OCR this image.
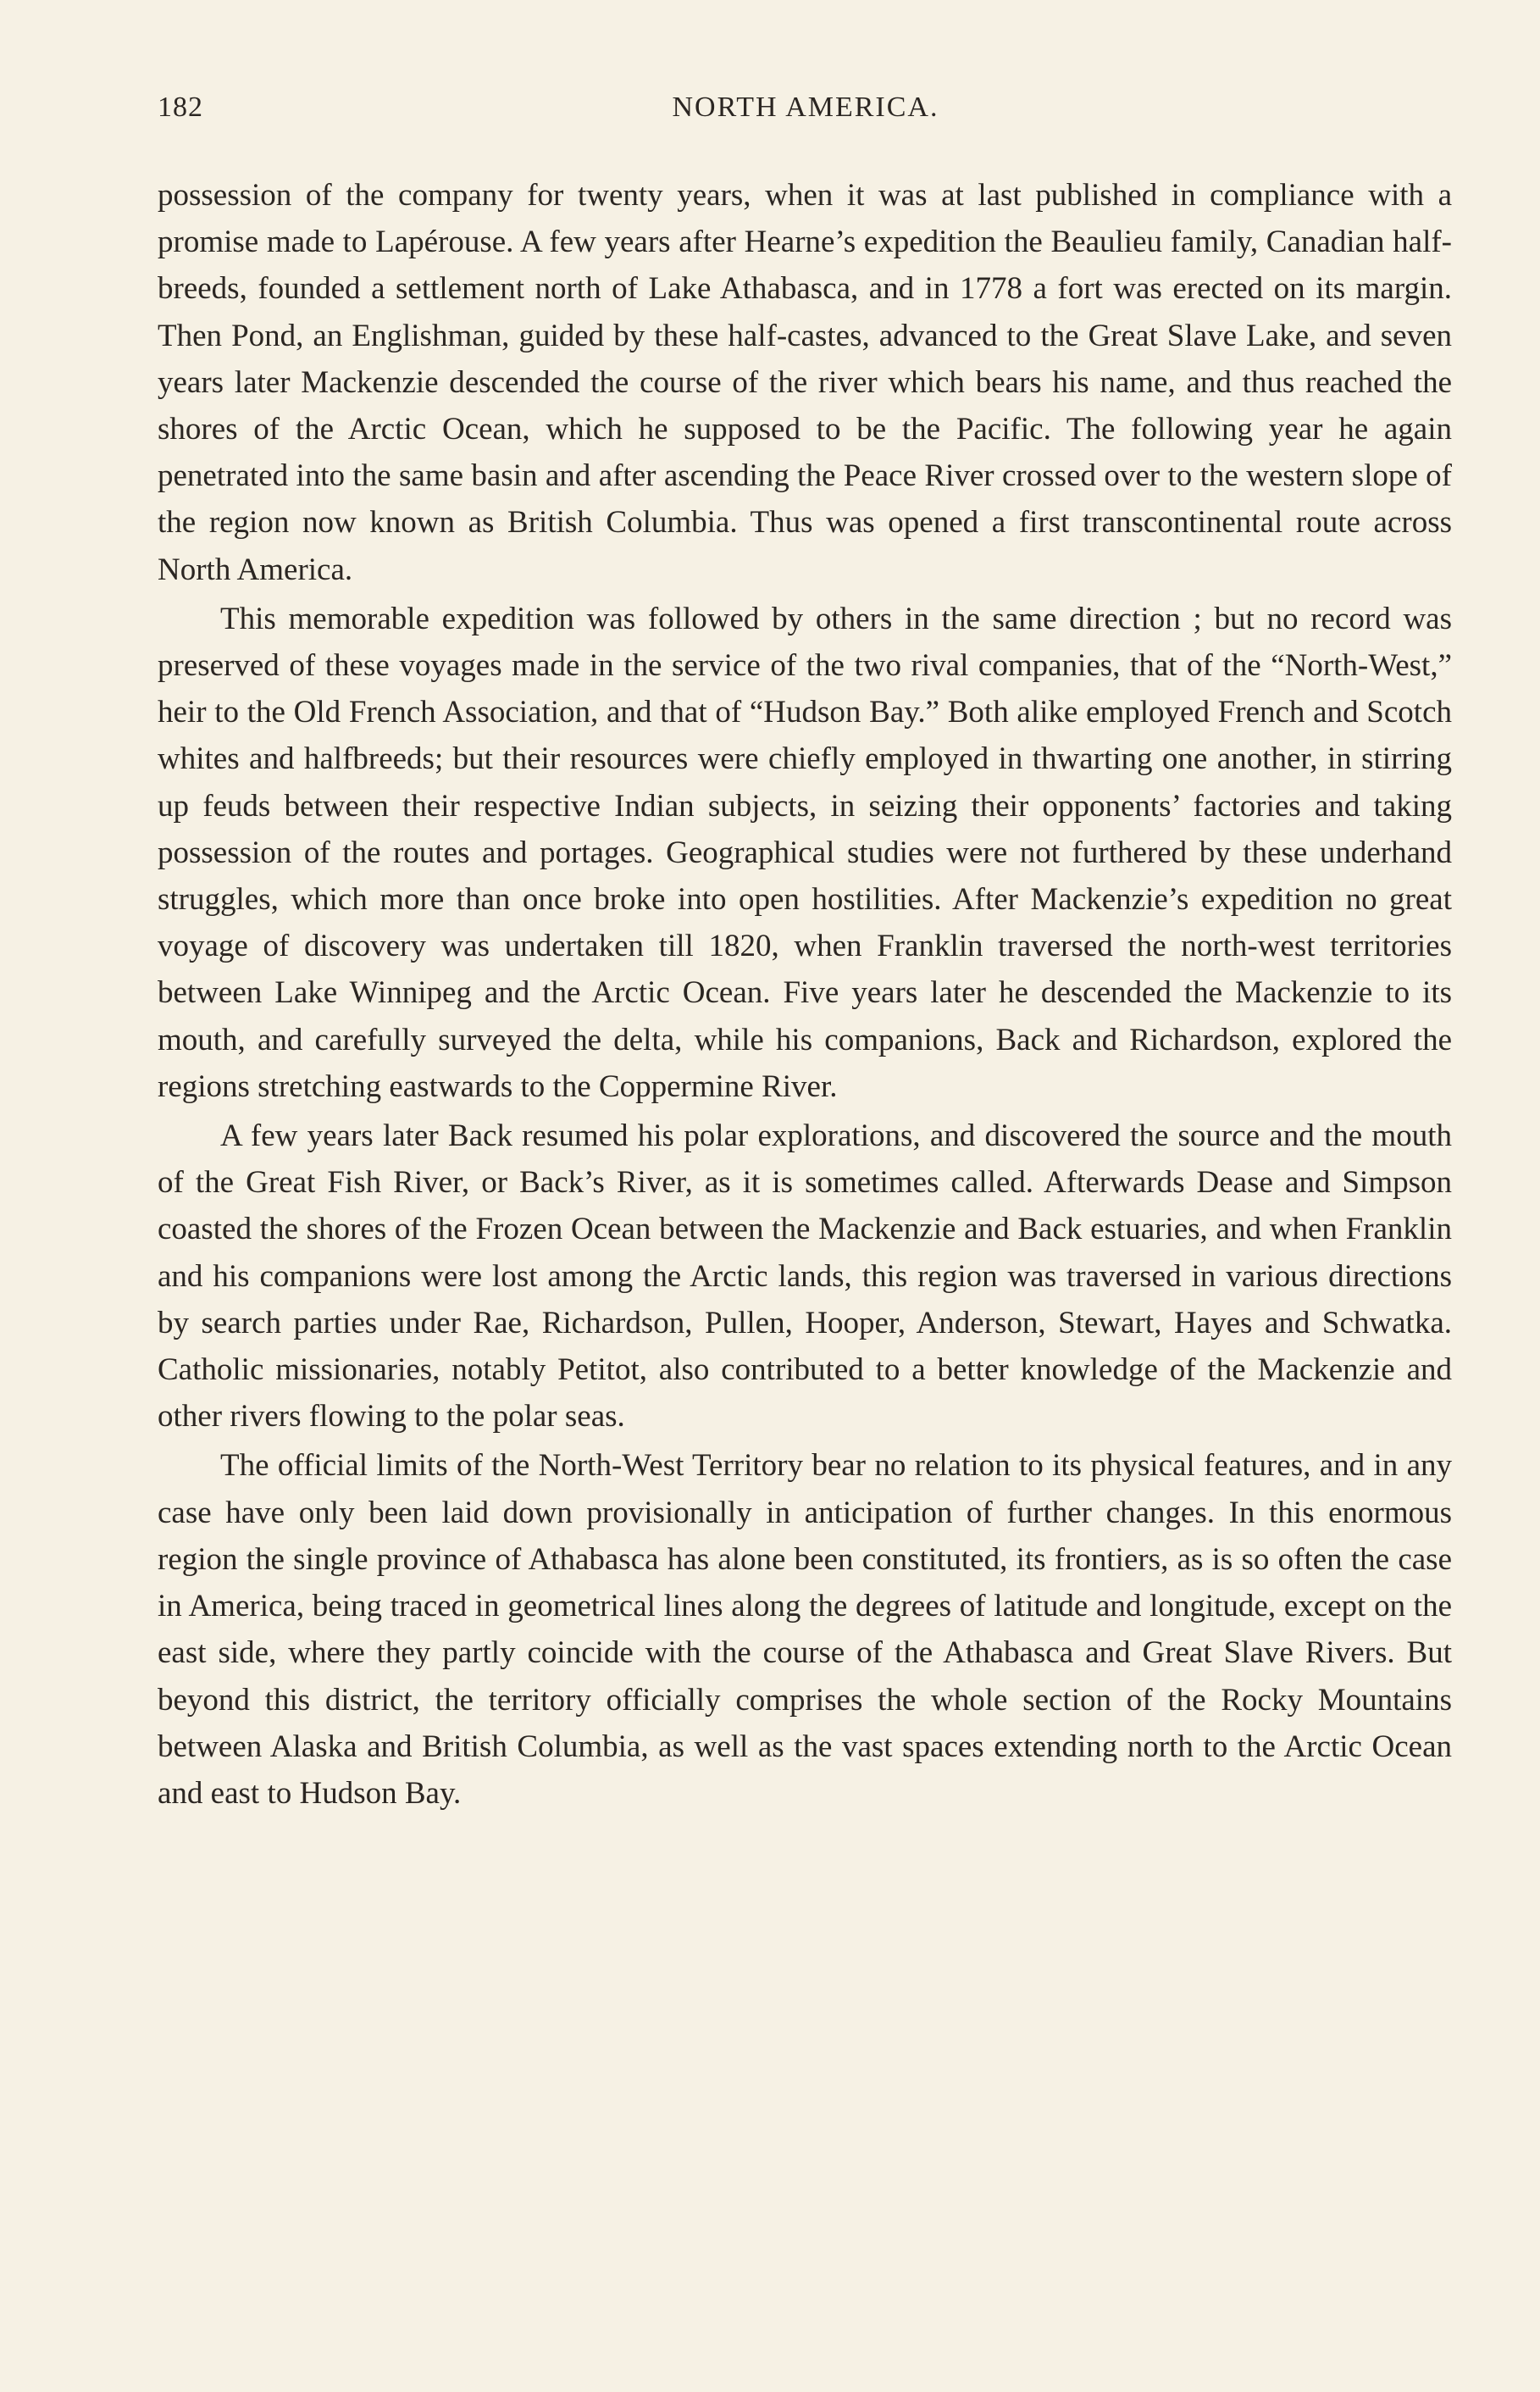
182	NORTH AMERICA.

possession of the company for twenty years, when it was at last published in compliance with a promise made to Lapérouse. A few years after Hearne’s expedition the Beaulieu family, Canadian half-breeds, founded a settlement north of Lake Athabasca, and in 1778 a fort was erected on its margin. Then Pond, an Englishman, guided by these half-castes, advanced to the Great Slave Lake, and seven years later Mackenzie descended the course of the river which bears his name, and thus reached the shores of the Arctic Ocean, which he supposed to be the Pacific. The following year he again penetrated into the same basin and after ascending the Peace River crossed over to the western slope of the region now known as British Columbia. Thus was opened a first transcontinental route across North America.

This memorable expedition was followed by others in the same direction ; but no record was preserved of these voyages made in the service of the two rival companies, that of the “North-West,” heir to the Old French Association, and that of “Hudson Bay.” Both alike employed French and Scotch whites and halfbreeds; but their resources were chiefly employed in thwarting one another, in stirring up feuds between their respective Indian subjects, in seizing their opponents’ factories and taking possession of the routes and portages. Geographical studies were not furthered by these underhand struggles, which more than once broke into open hostilities. After Mackenzie’s expedition no great voyage of discovery was undertaken till 1820, when Franklin traversed the north-west territories between Lake Winnipeg and the Arctic Ocean. Five years later he descended the Mackenzie to its mouth, and carefully surveyed the delta, while his companions, Back and Richardson, explored the regions stretching eastwards to the Coppermine River.

A few years later Back resumed his polar explorations, and discovered the source and the mouth of the Great Fish River, or Back’s River, as it is sometimes called. Afterwards Dease and Simpson coasted the shores of the Frozen Ocean between the Mackenzie and Back estuaries, and when Franklin and his companions were lost among the Arctic lands, this region was traversed in various directions by search parties under Rae, Richardson, Pullen, Hooper, Anderson, Stewart, Hayes and Schwatka. Catholic missionaries, notably Petitot, also contributed to a better knowledge of the Mackenzie and other rivers flowing to the polar seas.

The official limits of the North-West Territory bear no relation to its physical features, and in any case have only been laid down provisionally in anticipation of further changes. In this enormous region the single province of Athabasca has alone been constituted, its frontiers, as is so often the case in America, being traced in geometrical lines along the degrees of latitude and longitude, except on the east side, where they partly coincide with the course of the Athabasca and Great Slave Rivers. But beyond this district, the territory officially comprises the whole section of the Rocky Mountains between Alaska and British Columbia, as well as the vast spaces extending north to the Arctic Ocean and east to Hudson Bay.
